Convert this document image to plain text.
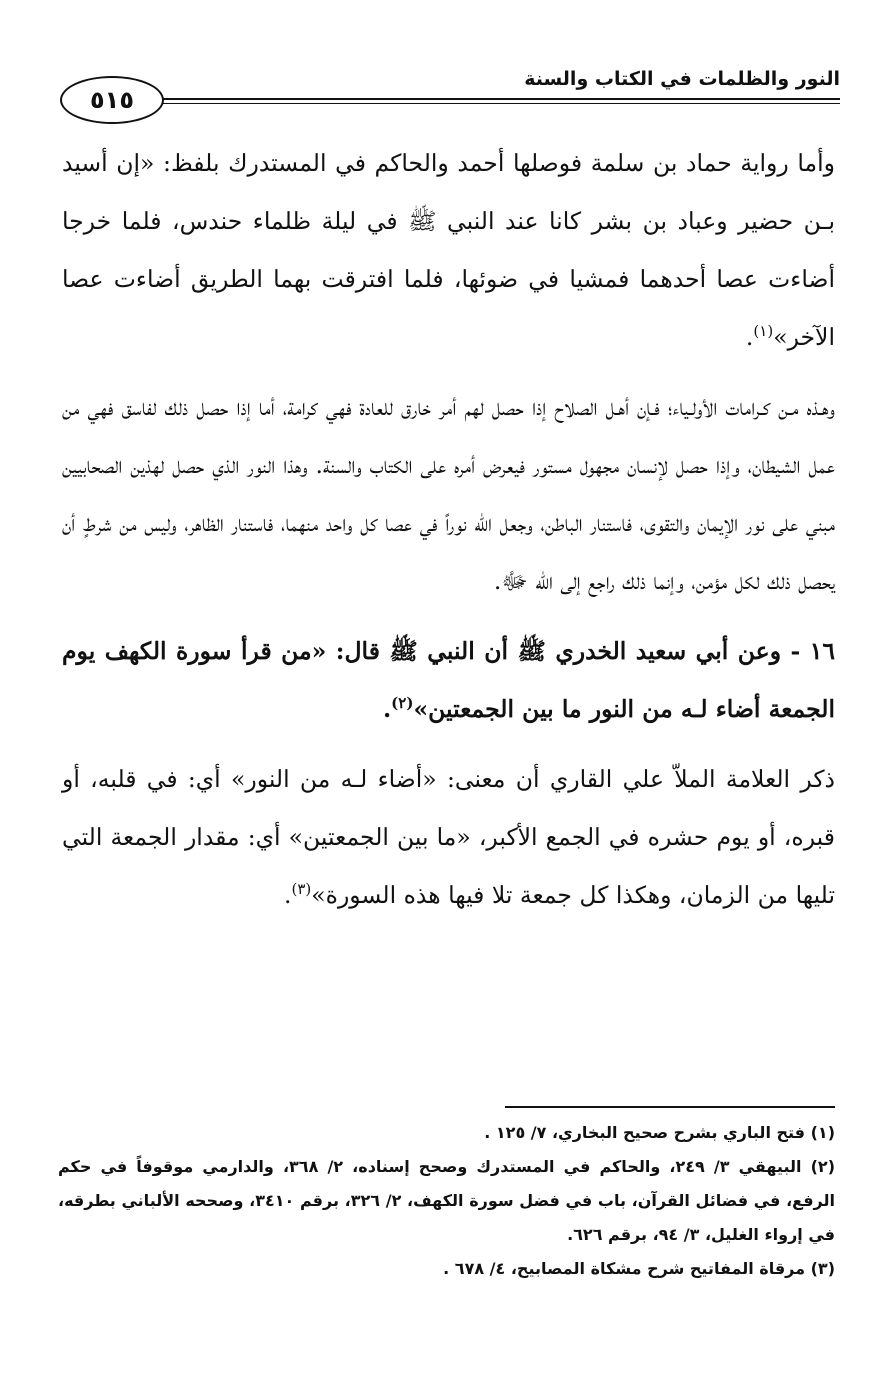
النور والظلمات في الكتاب والسنة
٥١٥

وأما رواية حماد بن سلمة فوصلها أحمد والحاكم في المستدرك بلفظ: «إن أسيد بـن حضير وعباد بن بشر كانا عند النبي ﷺ في ليلة ظلماء حندس، فلما خرجا أضاءت عصا أحدهما فمشيا في ضوئها، فلما افترقت بهما الطريق أضاءت عصا الآخر»$^{(١)}$.

وهـذه مـن كـرامات الأولـياء؛ فـإن أهـل الصلاح إذا حصل لهم أمر خارق للعادة فهي كرامة، أما إذا حصل ذلك لفاسق فهي من عمل الشيطان، وإذا حصل لإنسان مجهول مستور فيعرض أمره على الكتاب والسنة. وهذا النور الذي حصل لهذين الصحابيين مبني على نور الإيمان والتقوى، فاستنار الباطن، وجعل الله نوراً في عصا كل واحد منهما، فاستنار الظاهر، وليس من شرطٍ أن يحصل ذلك لكل مؤمن، وإنما ذلك راجع إلى الله ﷻ.

١٦ - وعن أبي سعيد الخدري ﷺ أن النبي ﷺ قال: «من قرأ سورة الكهف يوم الجمعة أضاء لـه من النور ما بين الجمعتين»$^{(٢)}$.

ذكر العلامة الملاّ علي القاري أن معنى: «أضاء لـه من النور» أي: في قلبه، أو قبره، أو يوم حشره في الجمع الأكبر، «ما بين الجمعتين» أي: مقدار الجمعة التي تليها من الزمان، وهكذا كل جمعة تلا فيها هذه السورة»$^{(٣)}$.

(١) فتح الباري بشرح صحيح البخاري، ٧/ ١٢٥ .

(٢) البيهقي ٣/ ٢٤٩، والحاكم في المستدرك وصحح إسناده، ٢/ ٣٦٨، والدارمي موقوفاً في حكم الرفع، في فضائل القرآن، باب في فضل سورة الكهف، ٢/ ٣٢٦، برقم ٣٤١٠، وصححه الألباني بطرقه، في إرواء الغليل، ٣/ ٩٤، برقم ٦٢٦.

(٣) مرقاة المفاتيح شرح مشكاة المصابيح، ٤/ ٦٧٨ .
